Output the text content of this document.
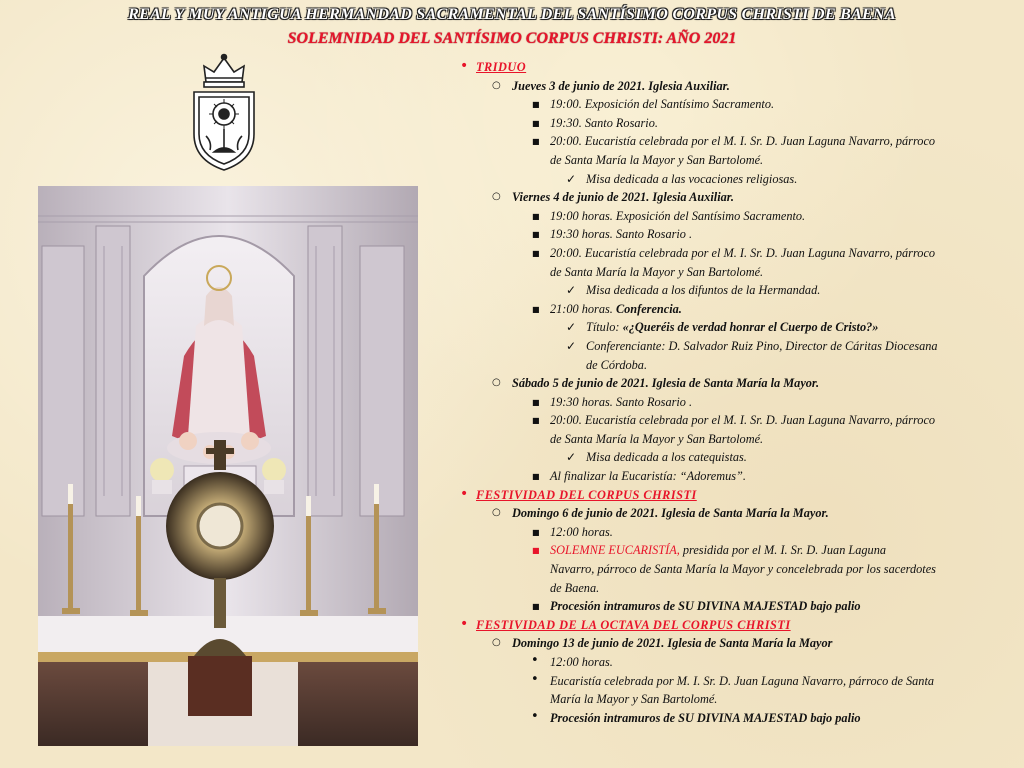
REAL Y MUY ANTIGUA HERMANDAD SACRAMENTAL DEL SANTÍSIMO CORPUS CHRISTI DE BAENA
SOLEMNIDAD DEL SANTÍSIMO CORPUS CHRISTI: AÑO 2021
• TRIDUO
○ Jueves 3 de junio de 2021. Iglesia Auxiliar.
■ 19:00. Exposición del Santísimo Sacramento.
■ 19:30. Santo Rosario.
■ 20:00. Eucaristía celebrada por el M. I. Sr. D. Juan Laguna Navarro, párroco
de Santa María la Mayor y San Bartolomé.
✓ Misa dedicada a las vocaciones religiosas.
○ Viernes 4 de junio de 2021. Iglesia Auxiliar.
■ 19:00 horas. Exposición del Santísimo Sacramento.
■ 19:30 horas. Santo Rosario .
■ 20:00. Eucaristía celebrada por el M. I. Sr. D. Juan Laguna Navarro, párroco
de Santa María la Mayor y San Bartolomé.
✓ Misa dedicada a los difuntos de la Hermandad.
■ 21:00 horas. Conferencia.
✓ Título: «¿Queréis de verdad honrar el Cuerpo de Cristo?»
✓ Conferenciante: D. Salvador Ruiz Pino, Director de Cáritas Diocesana
de Córdoba.
○ Sábado 5 de junio de 2021. Iglesia de Santa María la Mayor.
■ 19:30 horas. Santo Rosario .
■ 20:00. Eucaristía celebrada por el M. I. Sr. D. Juan Laguna Navarro, párroco
de Santa María la Mayor y San Bartolomé.
✓ Misa dedicada a los catequistas.
■ Al finalizar la Eucaristía: “Adoremus”.
• FESTIVIDAD DEL CORPUS CHRISTI
○ Domingo 6 de junio de 2021. Iglesia de Santa María la Mayor.
■ 12:00 horas.
■ SOLEMNE EUCARISTÍA, presidida por el M. I. Sr. D. Juan Laguna
Navarro, párroco de Santa María la Mayor y concelebrada por los sacerdotes
de Baena.
■ Procesión intramuros de SU DIVINA MAJESTAD bajo palio
• FESTIVIDAD DE LA OCTAVA DEL CORPUS CHRISTI
○ Domingo 13 de junio de 2021. Iglesia de Santa María la Mayor
• 12:00 horas.
• Eucaristía celebrada por M. I. Sr. D. Juan Laguna Navarro, párroco de Santa
María la Mayor y San Bartolomé.
• Procesión intramuros de SU DIVINA MAJESTAD bajo palio
